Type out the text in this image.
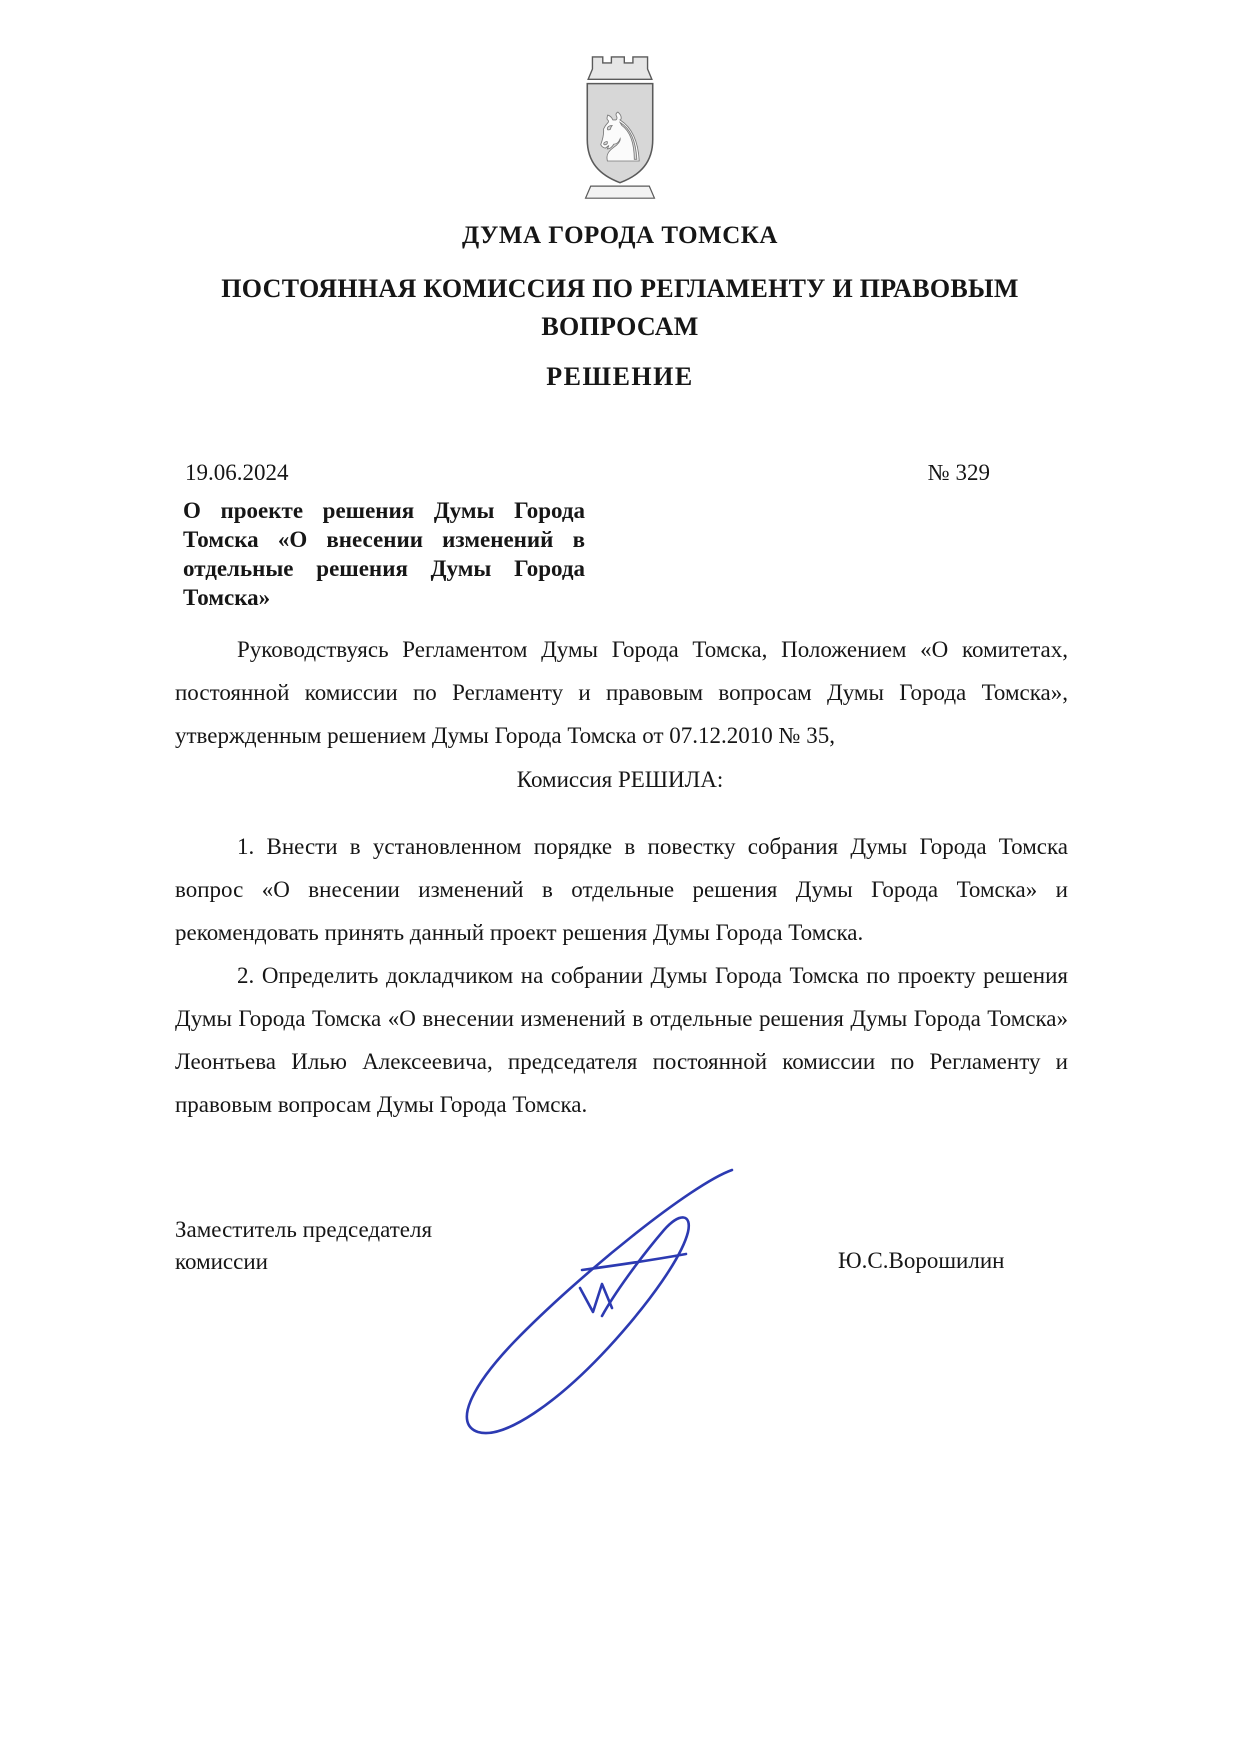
♞
ДУМА ГОРОДА ТОМСКА
ПОСТОЯННАЯ КОМИССИЯ ПО РЕГЛАМЕНТУ И ПРАВОВЫМ ВОПРОСАМ
РЕШЕНИЕ
19.06.2024	№ 329
О проекте решения Думы Города Томска «О внесении изменений в отдельные решения Думы Города Томска»

Руководствуясь Регламентом Думы Города Томска, Положением «О комитетах, постоянной комиссии по Регламенту и правовым вопросам Думы Города Томска», утвержденным решением Думы Города Томска от 07.12.2010 № 35,

Комиссия РЕШИЛА:

1. Внести в установленном порядке в повестку собрания Думы Города Томска вопрос «О внесении изменений в отдельные решения Думы Города Томска» и рекомендовать принять данный проект решения Думы Города Томска.

2. Определить докладчиком на собрании Думы Города Томска по проекту решения Думы Города Томска «О внесении изменений в отдельные решения Думы Города Томска» Леонтьева Илью Алексеевича, председателя постоянной комиссии по Регламенту и правовым вопросам Думы Города Томска.

Заместитель председателя комиссии	Ю.С.Ворошилин
